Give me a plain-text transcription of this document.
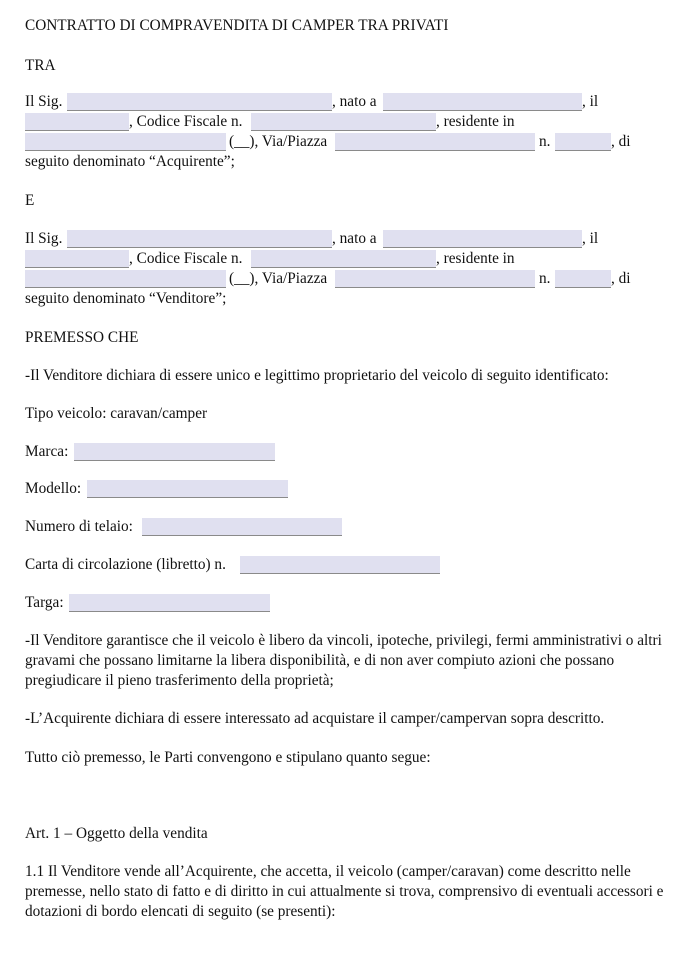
CONTRATTO DI COMPRAVENDITA DI CAMPER TRA PRIVATI
TRA
Il Sig.	, nato a	, il
, Codice Fiscale n.	, residente in
(__), Via/Piazza	n.	, di
seguito denominato “Acquirente”;
E
Il Sig.	, nato a	, il
, Codice Fiscale n.	, residente in
(__), Via/Piazza	n.	, di
seguito denominato “Venditore”;
PREMESSO CHE
-Il Venditore dichiara di essere unico e legittimo proprietario del veicolo di seguito identificato:
Tipo veicolo: caravan/camper
Marca:
Modello:
Numero di telaio:
Carta di circolazione (libretto) n.
Targa:
-Il Venditore garantisce che il veicolo è libero da vincoli, ipoteche, privilegi, fermi amministrativi o altri gravami che possano limitarne la libera disponibilità, e di non aver compiuto azioni che possano pregiudicare il pieno trasferimento della proprietà;
-L’Acquirente dichiara di essere interessato ad acquistare il camper/campervan sopra descritto.
Tutto ciò premesso, le Parti convengono e stipulano quanto segue:
Art. 1 – Oggetto della vendita
1.1 Il Venditore vende all’Acquirente, che accetta, il veicolo (camper/caravan) come descritto nelle premesse, nello stato di fatto e di diritto in cui attualmente si trova, comprensivo di eventuali accessori e dotazioni di bordo elencati di seguito (se presenti):
